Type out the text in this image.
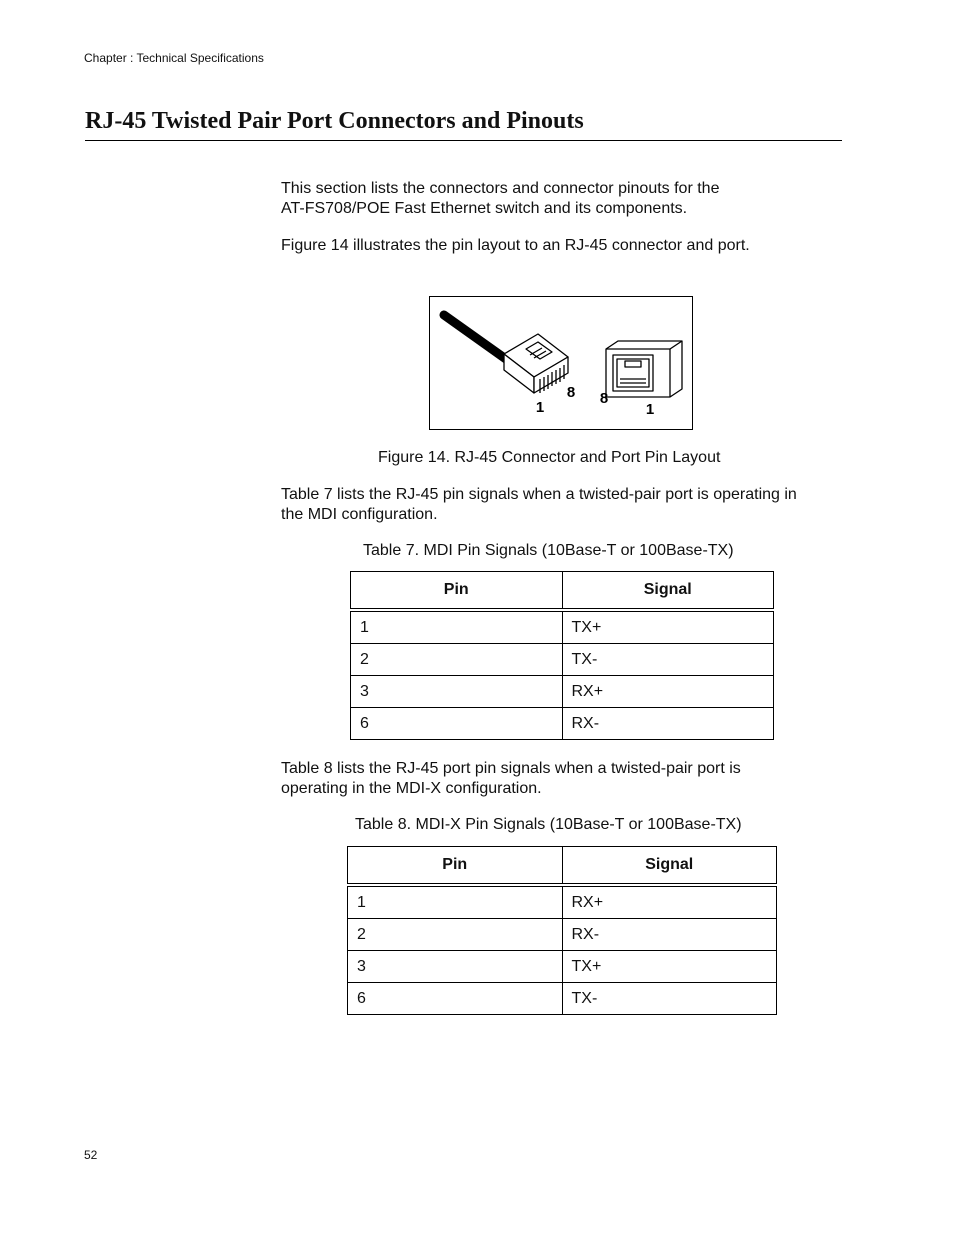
Chapter : Technical Specifications
RJ-45 Twisted Pair Port Connectors and Pinouts

This section lists the connectors and connector pinouts for the
AT-FS708/POE Fast Ethernet switch and its components.

Figure 14 illustrates the pin layout to an RJ-45 connector and port.

1
8 8
1

Figure 14. RJ-45 Connector and Port Pin Layout

Table 7 lists the RJ-45 pin signals when a twisted-pair port is operating in
the MDI configuration.

Table 7. MDI Pin Signals (10Base-T or 100Base-TX)

Pin	Signal
1	TX+
2	TX-
3	RX+
6	RX-

Table 8 lists the RJ-45 port pin signals when a twisted-pair port is
operating in the MDI-X configuration.

Table 8. MDI-X Pin Signals (10Base-T or 100Base-TX)

Pin	Signal
1	RX+
2	RX-
3	TX+
6	TX-
52
